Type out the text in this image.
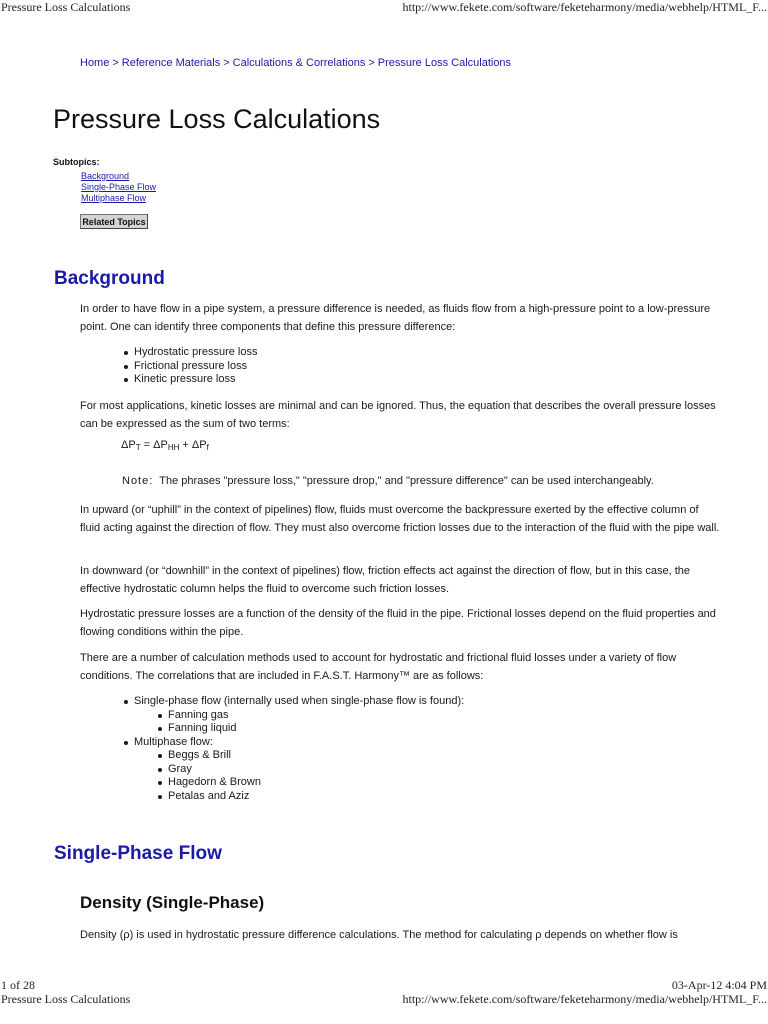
Pressure Loss Calculations	http://www.fekete.com/software/feketeharmony/media/webhelp/HTML_F...
Home > Reference Materials > Calculations & Correlations > Pressure Loss Calculations
Pressure Loss Calculations
Subtopics:
Background
Single-Phase Flow
Multiphase Flow
Related Topics
Background

In order to have flow in a pipe system, a pressure difference is needed, as fluids flow from a high-pressure point to a low-pressure point. One can identify three components that define this pressure difference:

Hydrostatic pressure loss
Frictional pressure loss
Kinetic pressure loss

For most applications, kinetic losses are minimal and can be ignored. Thus, the equation that describes the overall pressure losses can be expressed as the sum of two terms:

$\Delta P_T = \Delta P_{HH} + \Delta P_f$
Note: The phrases "pressure loss," "pressure drop," and "pressure difference" can be used interchangeably.

In upward (or “uphill” in the context of pipelines) flow, fluids must overcome the backpressure exerted by the effective column of fluid acting against the direction of flow. They must also overcome friction losses due to the interaction of the fluid with the pipe wall.

In downward (or “downhill” in the context of pipelines) flow, friction effects act against the direction of flow, but in this case, the effective hydrostatic column helps the fluid to overcome such friction losses.

Hydrostatic pressure losses are a function of the density of the fluid in the pipe. Frictional losses depend on the fluid properties and flowing conditions within the pipe.

There are a number of calculation methods used to account for hydrostatic and frictional fluid losses under a variety of flow conditions. The correlations that are included in F.A.S.T. Harmony™ are as follows:

Single-phase flow (internally used when single-phase flow is found):
Fanning gas
Fanning liquid
Multiphase flow:
Beggs & Brill
Gray
Hagedorn & Brown
Petalas and Aziz
Single-Phase Flow
Density (Single-Phase)

Density (ρ) is used in hydrostatic pressure difference calculations. The method for calculating ρ depends on whether flow is

1 of 28	03-Apr-12 4:04 PM
Pressure Loss Calculations	http://www.fekete.com/software/feketeharmony/media/webhelp/HTML_F...
